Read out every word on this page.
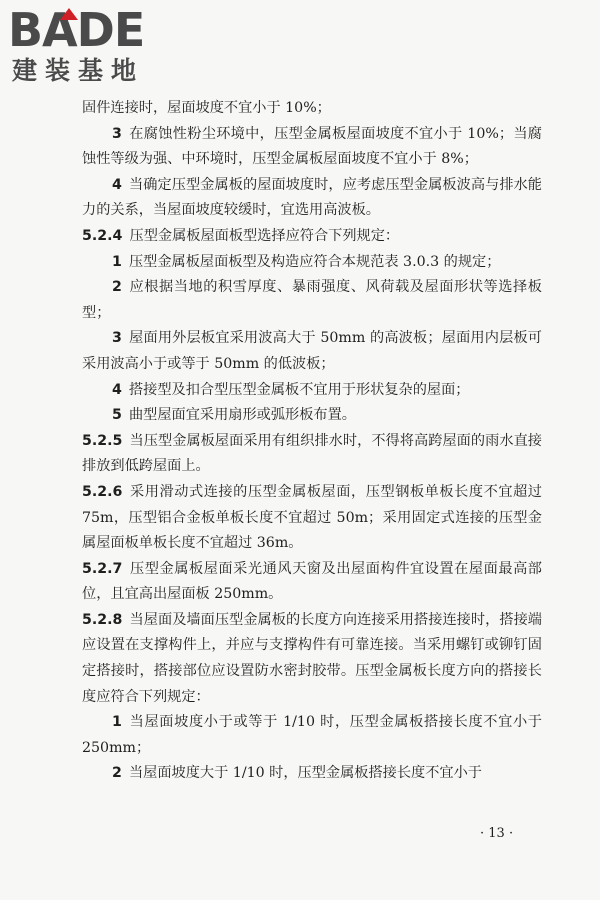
BADE
建装基地

固件连接时，屋面坡度不宜小于 10%；

3  在腐蚀性粉尘环境中，压型金属板屋面坡度不宜小于 10%；当腐蚀性等级为强、中环境时，压型金属板屋面坡度不宜小于 8%；

4  当确定压型金属板的屋面坡度时，应考虑压型金属板波高与排水能力的关系，当屋面坡度较缓时，宜选用高波板。

5.2.4  压型金属板屋面板型选择应符合下列规定：

1  压型金属板屋面板型及构造应符合本规范表 3.0.3 的规定；

2  应根据当地的积雪厚度、暴雨强度、风荷载及屋面形状等选择板型；

3  屋面用外层板宜采用波高大于 50mm 的高波板；屋面用内层板可采用波高小于或等于 50mm 的低波板；

4  搭接型及扣合型压型金属板不宜用于形状复杂的屋面；

5  曲型屋面宜采用扇形或弧形板布置。

5.2.5  当压型金属板屋面采用有组织排水时，不得将高跨屋面的雨水直接排放到低跨屋面上。

5.2.6  采用滑动式连接的压型金属板屋面，压型钢板单板长度不宜超过 75m，压型铝合金板单板长度不宜超过 50m；采用固定式连接的压型金属屋面板单板长度不宜超过 36m。

5.2.7  压型金属板屋面采光通风天窗及出屋面构件宜设置在屋面最高部位，且宜高出屋面板 250mm。

5.2.8  当屋面及墙面压型金属板的长度方向连接采用搭接连接时，搭接端应设置在支撑构件上，并应与支撑构件有可靠连接。当采用螺钉或铆钉固定搭接时，搭接部位应设置防水密封胶带。压型金属板长度方向的搭接长度应符合下列规定：

1  当屋面坡度小于或等于 1/10 时，压型金属板搭接长度不宜小于 250mm；

2  当屋面坡度大于 1/10 时，压型金属板搭接长度不宜小于

· 13 ·
